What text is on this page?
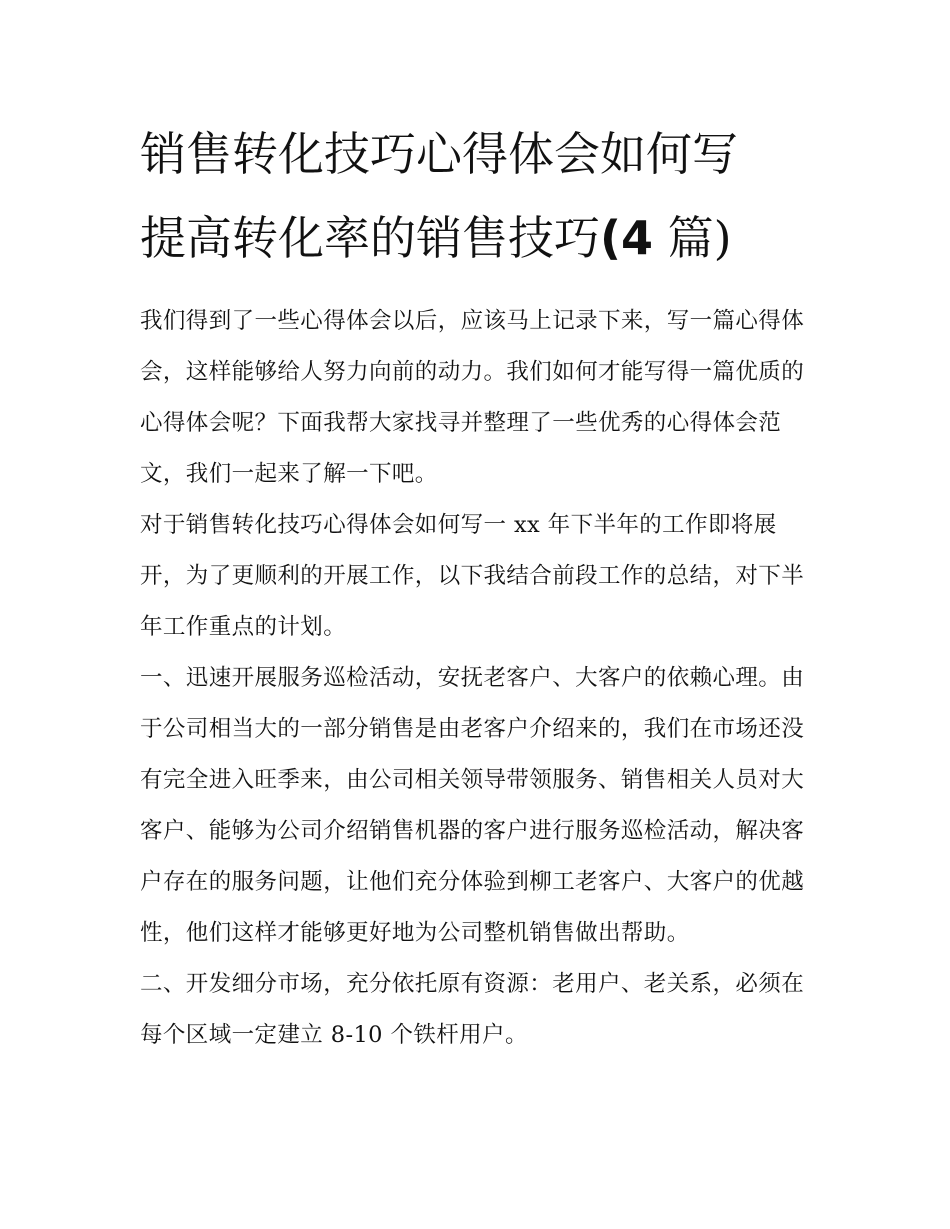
销售转化技巧心得体会如何写
提高转化率的销售技巧(4 篇)

我们得到了一些心得体会以后，应该马上记录下来，写一篇心得体会，这样能够给人努力向前的动力。我们如何才能写得一篇优质的心得体会呢？下面我帮大家找寻并整理了一些优秀的心得体会范文，我们一起来了解一下吧。

对于销售转化技巧心得体会如何写一 xx 年下半年的工作即将展开，为了更顺利的开展工作，以下我结合前段工作的总结，对下半年工作重点的计划。

一、迅速开展服务巡检活动，安抚老客户、大客户的依赖心理。由于公司相当大的一部分销售是由老客户介绍来的，我们在市场还没有完全进入旺季来，由公司相关领导带领服务、销售相关人员对大客户、能够为公司介绍销售机器的客户进行服务巡检活动，解决客户存在的服务问题，让他们充分体验到柳工老客户、大客户的优越性，他们这样才能够更好地为公司整机销售做出帮助。

二、开发细分市场，充分依托原有资源：老用户、老关系，必须在每个区域一定建立 8-10 个铁杆用户。
